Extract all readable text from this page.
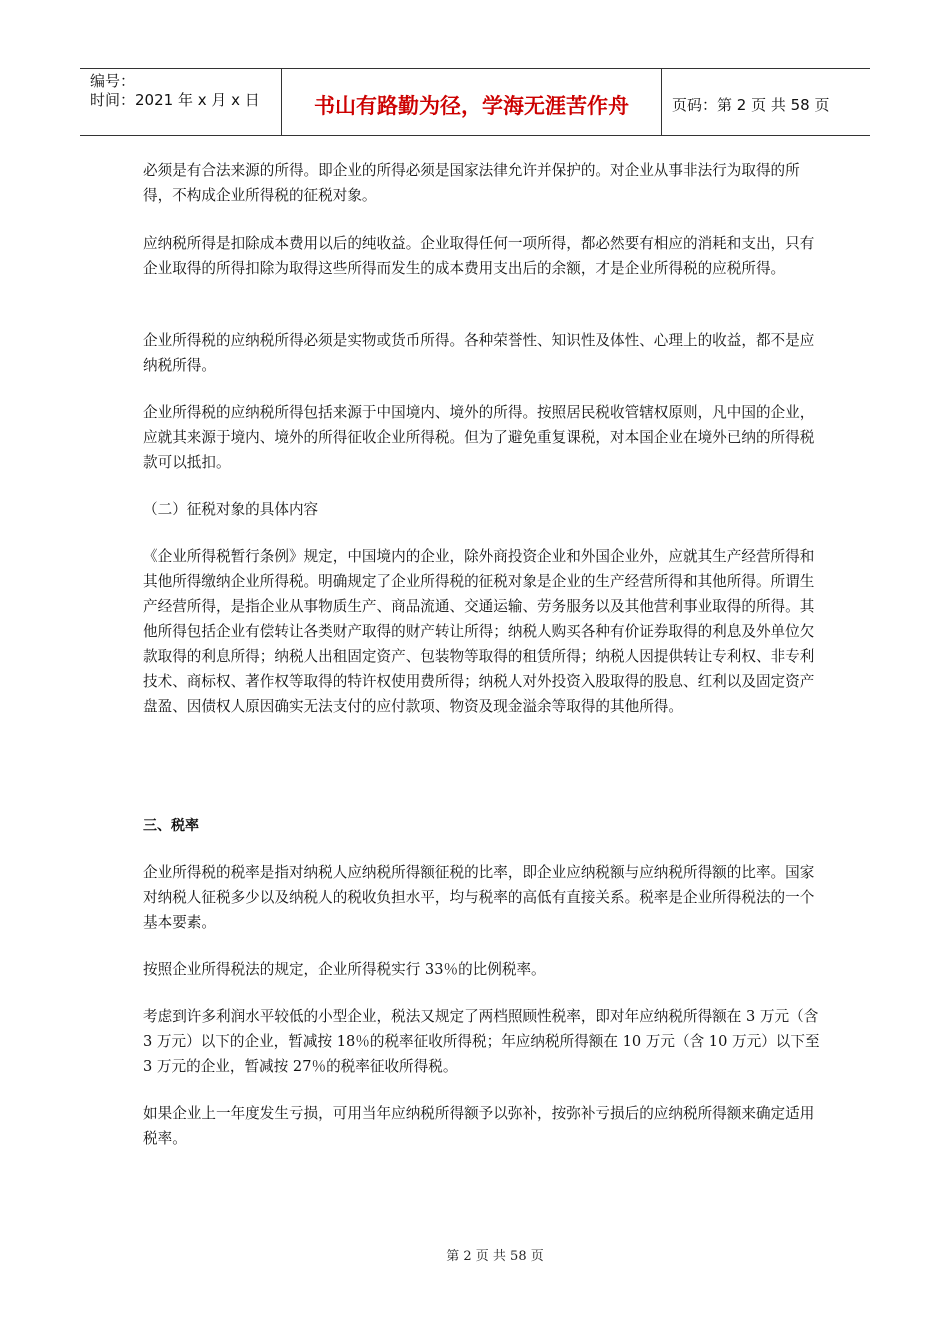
编号：
时间：2021 年 x 月 x 日	书山有路勤为径，学海无涯苦作舟	页码：第 2 页 共 58 页

必须是有合法来源的所得。即企业的所得必须是国家法律允许并保护的。对企业从事非法行为取得的所得，不构成企业所得税的征税对象。

应纳税所得是扣除成本费用以后的纯收益。企业取得任何一项所得，都必然要有相应的消耗和支出，只有企业取得的所得扣除为取得这些所得而发生的成本费用支出后的余额，才是企业所得税的应税所得。

企业所得税的应纳税所得必须是实物或货币所得。各种荣誉性、知识性及体性、心理上的收益，都不是应纳税所得。

企业所得税的应纳税所得包括来源于中国境内、境外的所得。按照居民税收管辖权原则，凡中国的企业，应就其来源于境内、境外的所得征收企业所得税。但为了避免重复课税，对本国企业在境外已纳的所得税款可以抵扣。

（二）征税对象的具体内容

《企业所得税暂行条例》规定，中国境内的企业，除外商投资企业和外国企业外，应就其生产经营所得和其他所得缴纳企业所得税。明确规定了企业所得税的征税对象是企业的生产经营所得和其他所得。所谓生产经营所得，是指企业从事物质生产、商品流通、交通运输、劳务服务以及其他营利事业取得的所得。其他所得包括企业有偿转让各类财产取得的财产转让所得；纳税人购买各种有价证券取得的利息及外单位欠款取得的利息所得；纳税人出租固定资产、包装物等取得的租赁所得；纳税人因提供转让专利权、非专利技术、商标权、著作权等取得的特许权使用费所得；纳税人对外投资入股取得的股息、红利以及固定资产盘盈、因债权人原因确实无法支付的应付款项、物资及现金溢余等取得的其他所得。

三、税率

企业所得税的税率是指对纳税人应纳税所得额征税的比率，即企业应纳税额与应纳税所得额的比率。国家对纳税人征税多少以及纳税人的税收负担水平，均与税率的高低有直接关系。税率是企业所得税法的一个基本要素。

按照企业所得税法的规定，企业所得税实行 33％的比例税率。

考虑到许多利润水平较低的小型企业，税法又规定了两档照顾性税率，即对年应纳税所得额在 3 万元（含 3 万元）以下的企业，暂减按 18％的税率征收所得税；年应纳税所得额在 10 万元（含 10 万元）以下至 3 万元的企业，暂减按 27％的税率征收所得税。

如果企业上一年度发生亏损，可用当年应纳税所得额予以弥补，按弥补亏损后的应纳税所得额来确定适用税率。

第 2 页 共 58 页
